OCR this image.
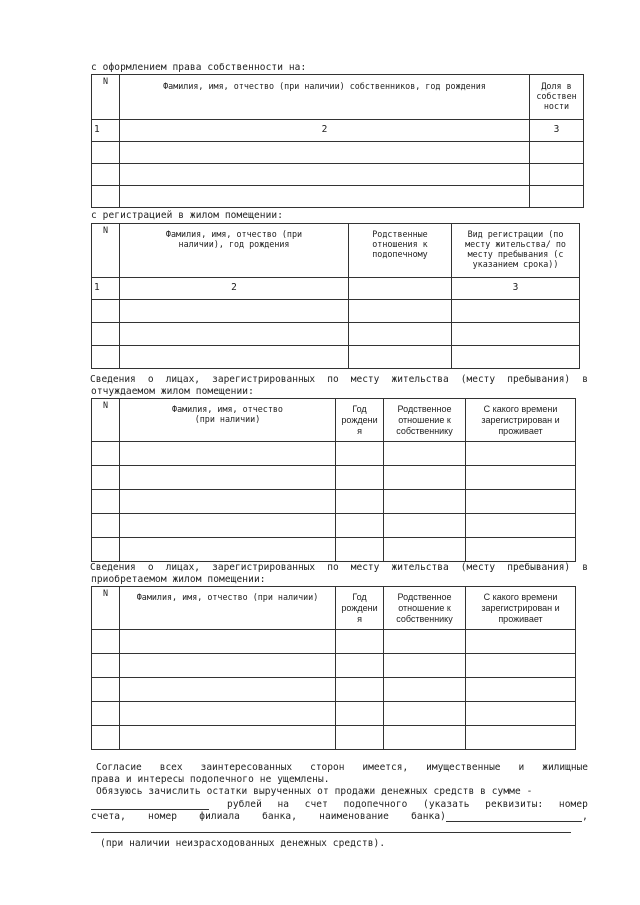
с оформлением права собственности на:
N	Фамилия, имя, отчество (при наличии) собственников, год рождения	Доля в собствен ности
1	2	3

с регистрацией в жилом помещении:
N	Фамилия, имя, отчество (при наличии), год рождения	Родственные отношения к подопечному	Вид регистрации (по месту жительства/ по месту пребывания (с указанием срока))
1	2		3

Сведения о лицах, зарегистрированных по месту жительства (месту пребывания) в
отчуждаемом жилом помещении:
N	Фамилия, имя, отчество (при наличии)	Год рождени я	Родственное отношение к собственнику	С какого времени зарегистрирован и проживает

Сведения о лицах, зарегистрированных по месту жительства (месту пребывания) в
приобретаемом жилом помещении:
N	Фамилия, имя, отчество (при наличии)	Год рождени я	Родственное отношение к собственнику	С какого времени зарегистрирован и проживает

Согласие всех заинтересованных сторон имеется, имущественные и жилищные
права и интересы подопечного не ущемлены.
Обязуюсь зачислить остатки вырученных от продажи денежных средств в сумме -
рублей на счет подопечного (указать реквизиты: номер
счета, номер филиала банка, наименование банка)	,
(при наличии неизрасходованных денежных средств).
